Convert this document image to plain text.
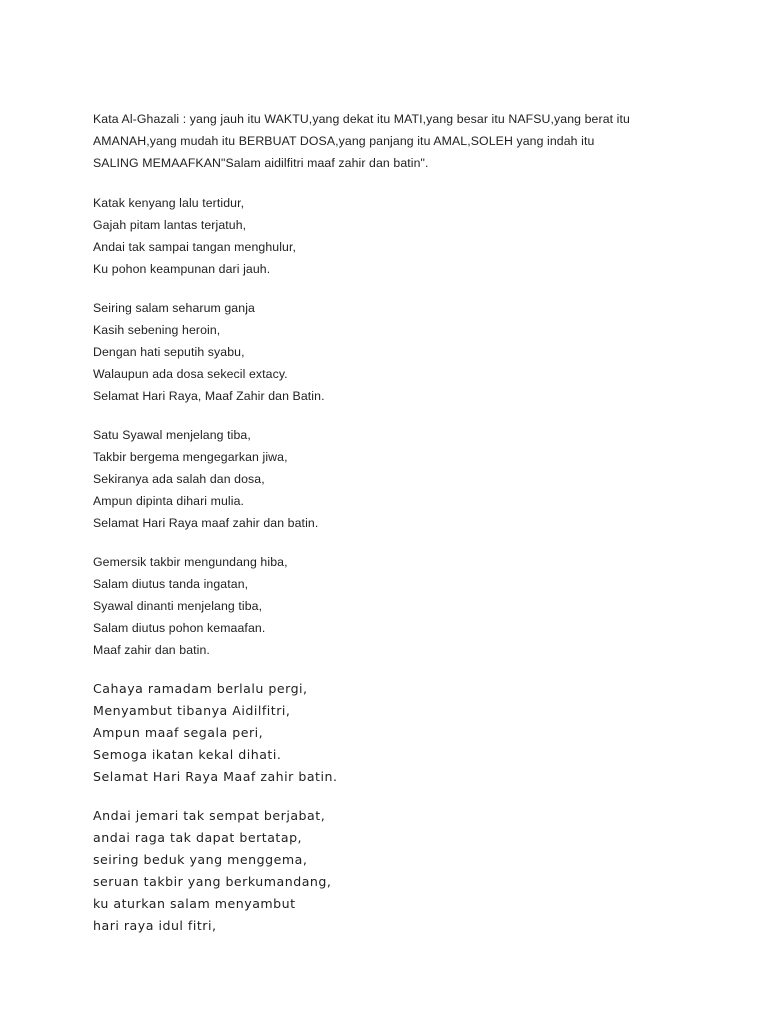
Kata Al-Ghazali : yang jauh itu WAKTU,yang dekat itu MATI,yang besar itu NAFSU,yang berat itu
AMANAH,yang mudah itu BERBUAT DOSA,yang panjang itu AMAL,SOLEH yang indah itu
SALING MEMAAFKAN"Salam aidilfitri maaf zahir dan batin".
Katak kenyang lalu tertidur,
Gajah pitam lantas terjatuh,
Andai tak sampai tangan menghulur,
Ku pohon keampunan dari jauh.
Seiring salam seharum ganja
Kasih sebening heroin,
Dengan hati seputih syabu,
Walaupun ada dosa sekecil extacy.
Selamat Hari Raya, Maaf Zahir dan Batin.
Satu Syawal menjelang tiba,
Takbir bergema mengegarkan jiwa,
Sekiranya ada salah dan dosa,
Ampun dipinta dihari mulia.
Selamat Hari Raya maaf zahir dan batin.
Gemersik takbir mengundang hiba,
Salam diutus tanda ingatan,
Syawal dinanti menjelang tiba,
Salam diutus pohon kemaafan.
Maaf zahir dan batin.
Cahaya ramadam berlalu pergi,
Menyambut tibanya Aidilfitri,
Ampun maaf segala peri,
Semoga ikatan kekal dihati.
Selamat Hari Raya Maaf zahir batin.
Andai jemari tak sempat berjabat,
andai raga tak dapat bertatap,
seiring beduk yang menggema,
seruan takbir yang berkumandang,
ku aturkan salam menyambut
hari raya idul fitri,
